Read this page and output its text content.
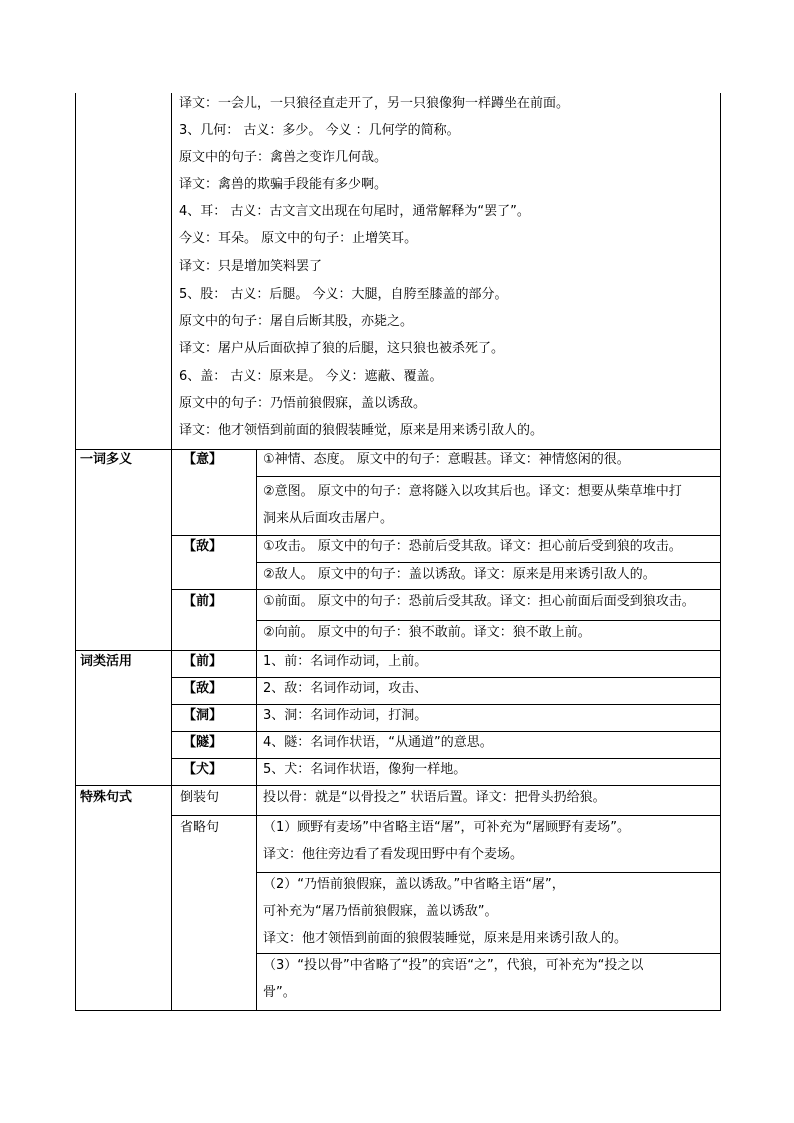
译文：一会儿，一只狼径直走开了，另一只狼像狗一样蹲坐在前面。
3、几何： 古义：多少。 今义 ：几何学的简称。
原文中的句子：禽兽之变诈几何哉。
译文：禽兽的欺骗手段能有多少啊。
4、耳： 古义：古文言文出现在句尾时，通常解释为“罢了”。
今义：耳朵。 原文中的句子：止增笑耳。
译文：只是增加笑料罢了
5、股： 古义：后腿。 今义：大腿，自胯至膝盖的部分。
原文中的句子：屠自后断其股，亦毙之。
译文：屠户从后面砍掉了狼的后腿，这只狼也被杀死了。
6、盖： 古义：原来是。 今义：遮蔽、覆盖。
原文中的句子：乃悟前狼假寐，盖以诱敌。
译文：他才领悟到前面的狼假装睡觉，原来是用来诱引敌人的。
一词多义	【意】	①神情、态度。 原文中的句子：意暇甚。译文：神情悠闲的很。
②意图。 原文中的句子：意将隧入以攻其后也。译文：想要从柴草堆中打
洞来从后面攻击屠户。
【敌】	①攻击。 原文中的句子：恐前后受其敌。译文：担心前后受到狼的攻击。
②敌人。 原文中的句子：盖以诱敌。译文：原来是用来诱引敌人的。
【前】	①前面。 原文中的句子：恐前后受其敌。译文：担心前面后面受到狼攻击。
②向前。 原文中的句子：狼不敢前。译文：狼不敢上前。
词类活用	【前】	1、前：名词作动词，上前。
【敌】	2、敌：名词作动词，攻击、
【洞】	3、洞：名词作动词，打洞。
【隧】	4、隧：名词作状语，“从通道”的意思。
【犬】	5、犬：名词作状语，像狗一样地。
特殊句式	倒装句	投以骨：就是“以骨投之” 状语后置。译文：把骨头扔给狼。
省略句	（1）顾野有麦场”中省略主语“屠”，可补充为“屠顾野有麦场”。
译文：他往旁边看了看发现田野中有个麦场。
（2）“乃悟前狼假寐，盖以诱敌。”中省略主语“屠”，
可补充为“屠乃悟前狼假寐，盖以诱敌”。
译文：他才领悟到前面的狼假装睡觉，原来是用来诱引敌人的。
（3）“投以骨”中省略了“投”的宾语“之”，代狼，可补充为“投之以
骨”。
